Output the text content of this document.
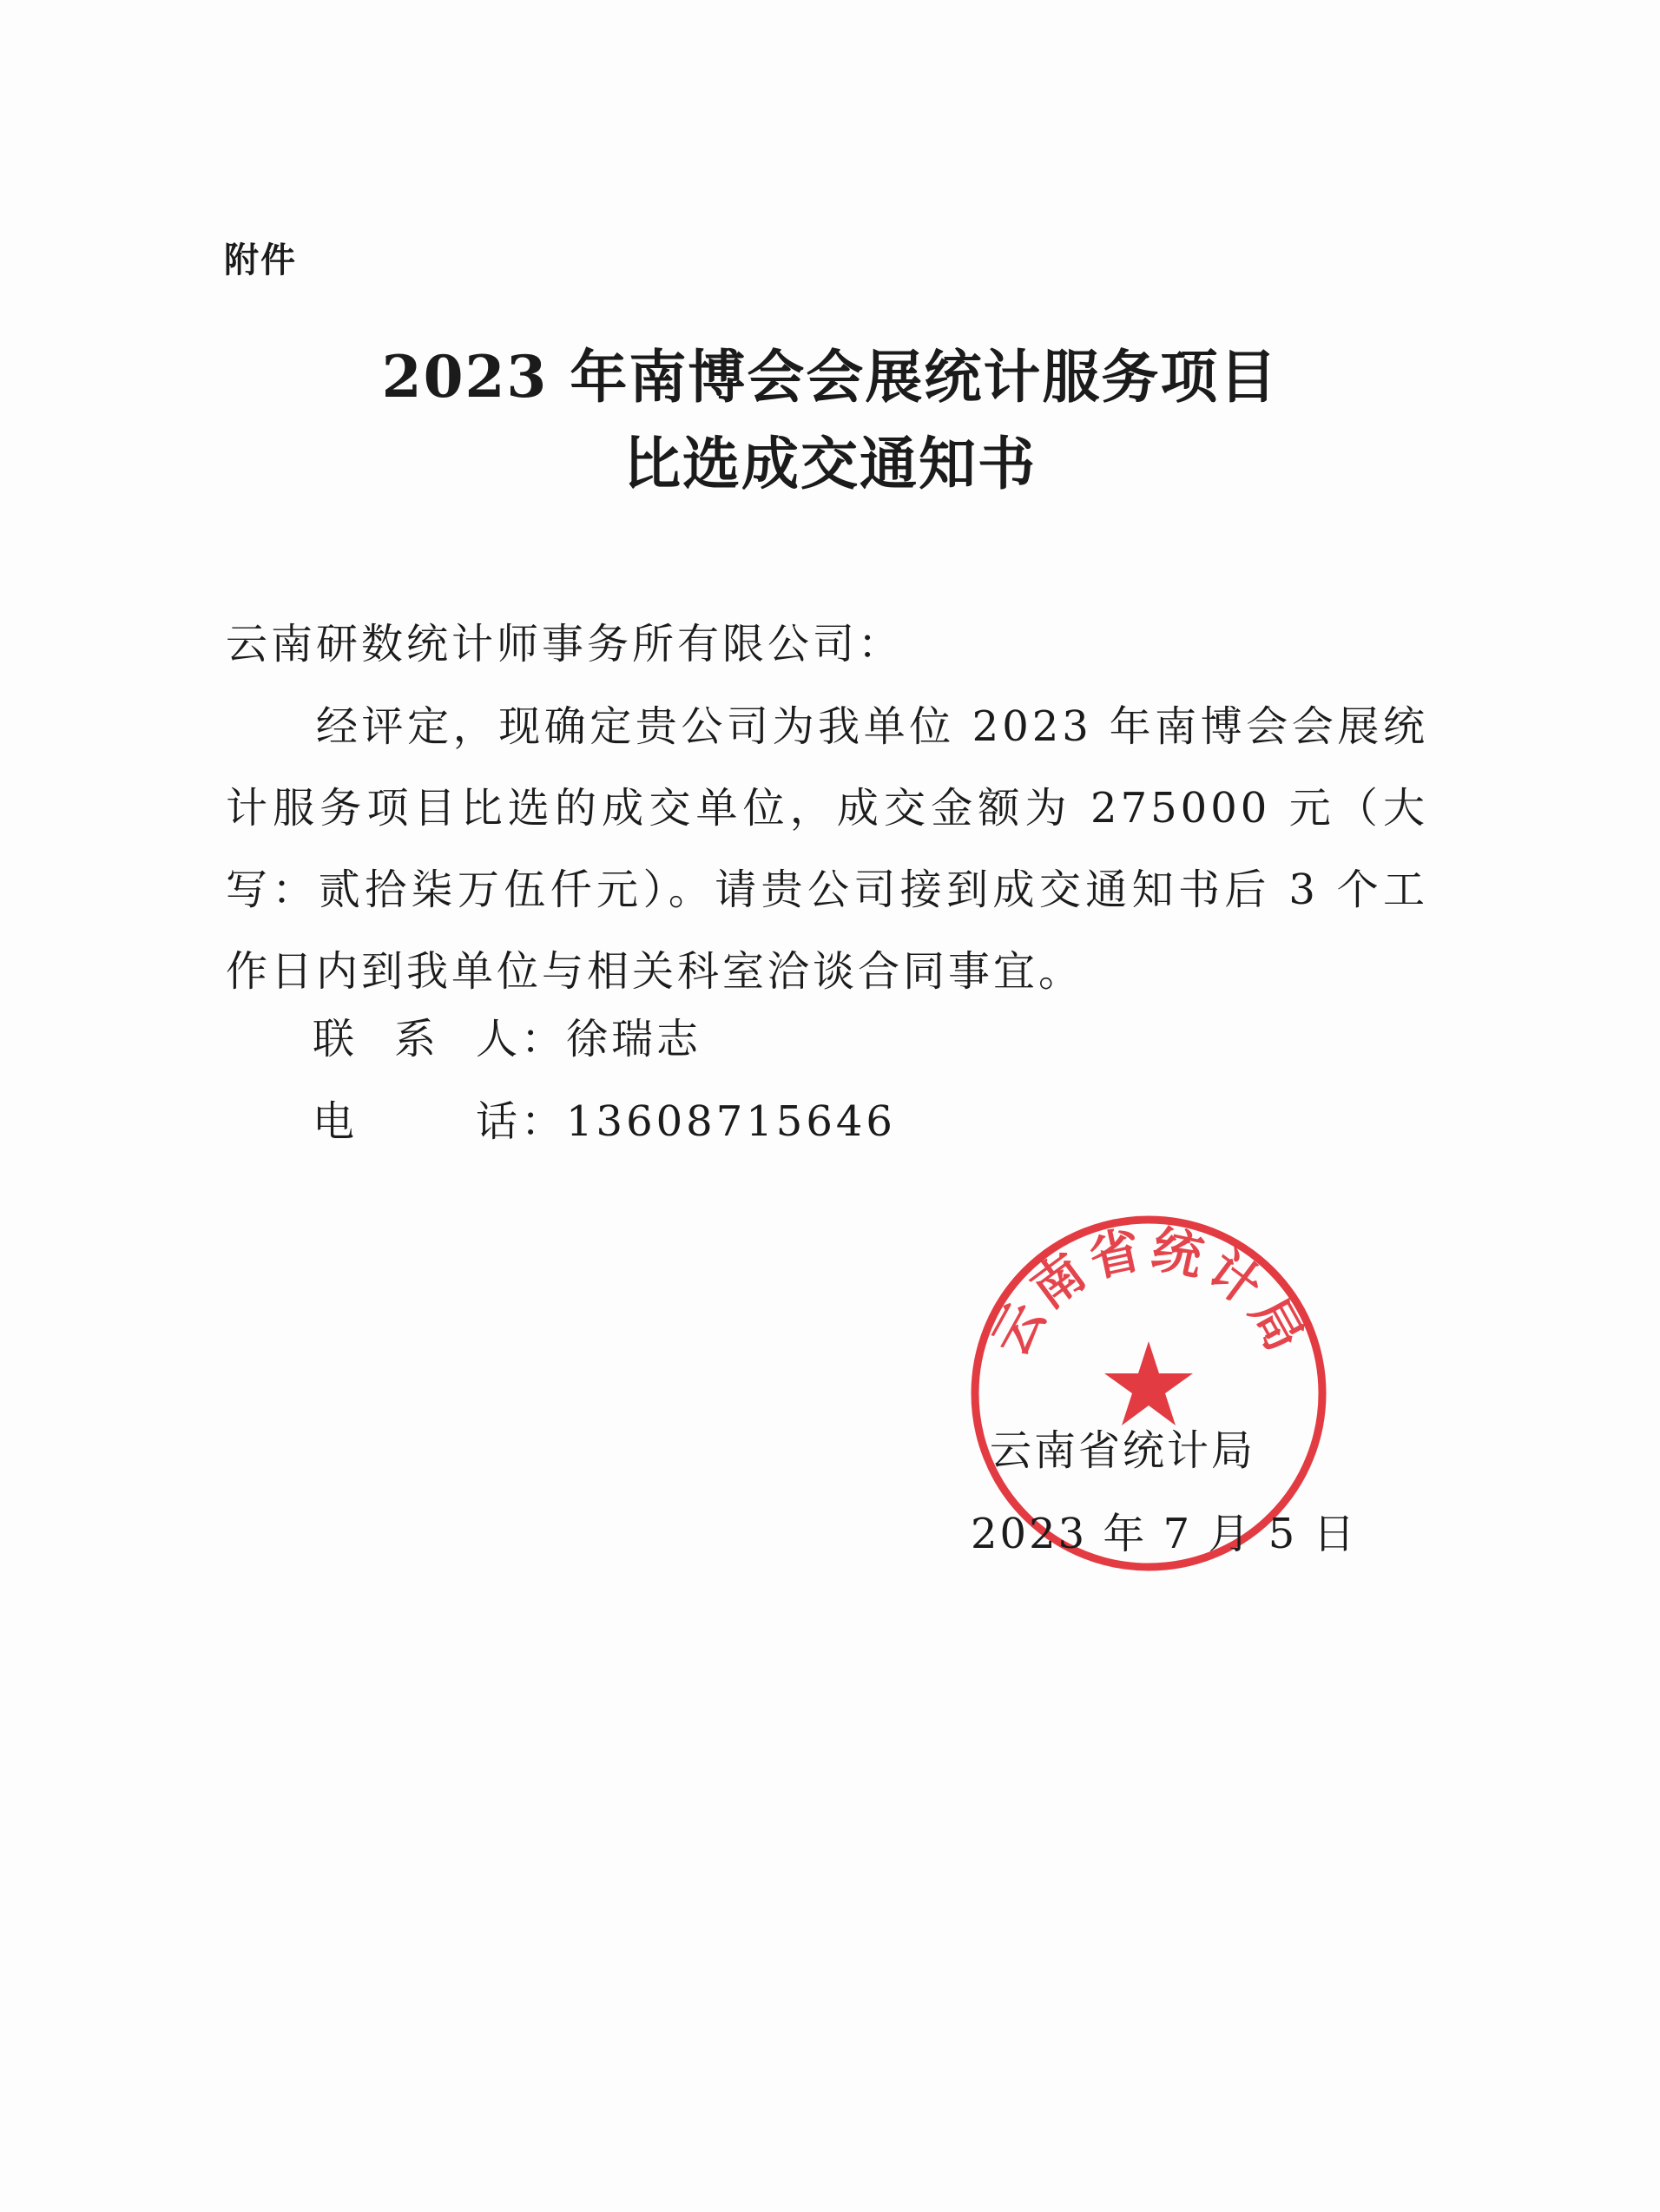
附件
2023 年南博会会展统计服务项目
比选成交通知书
云南研数统计师事务所有限公司：
经评定，现确定贵公司为我单位 2023 年南博会会展统计服务项目比选的成交单位，成交金额为 275000 元（大写：贰拾柒万伍仟元）。请贵公司接到成交通知书后 3 个工作日内到我单位与相关科室洽谈合同事宜。
联系人：徐瑞志
电话：13608715646
云南省统计局
云南省统计局
2023 年 7 月 5 日
